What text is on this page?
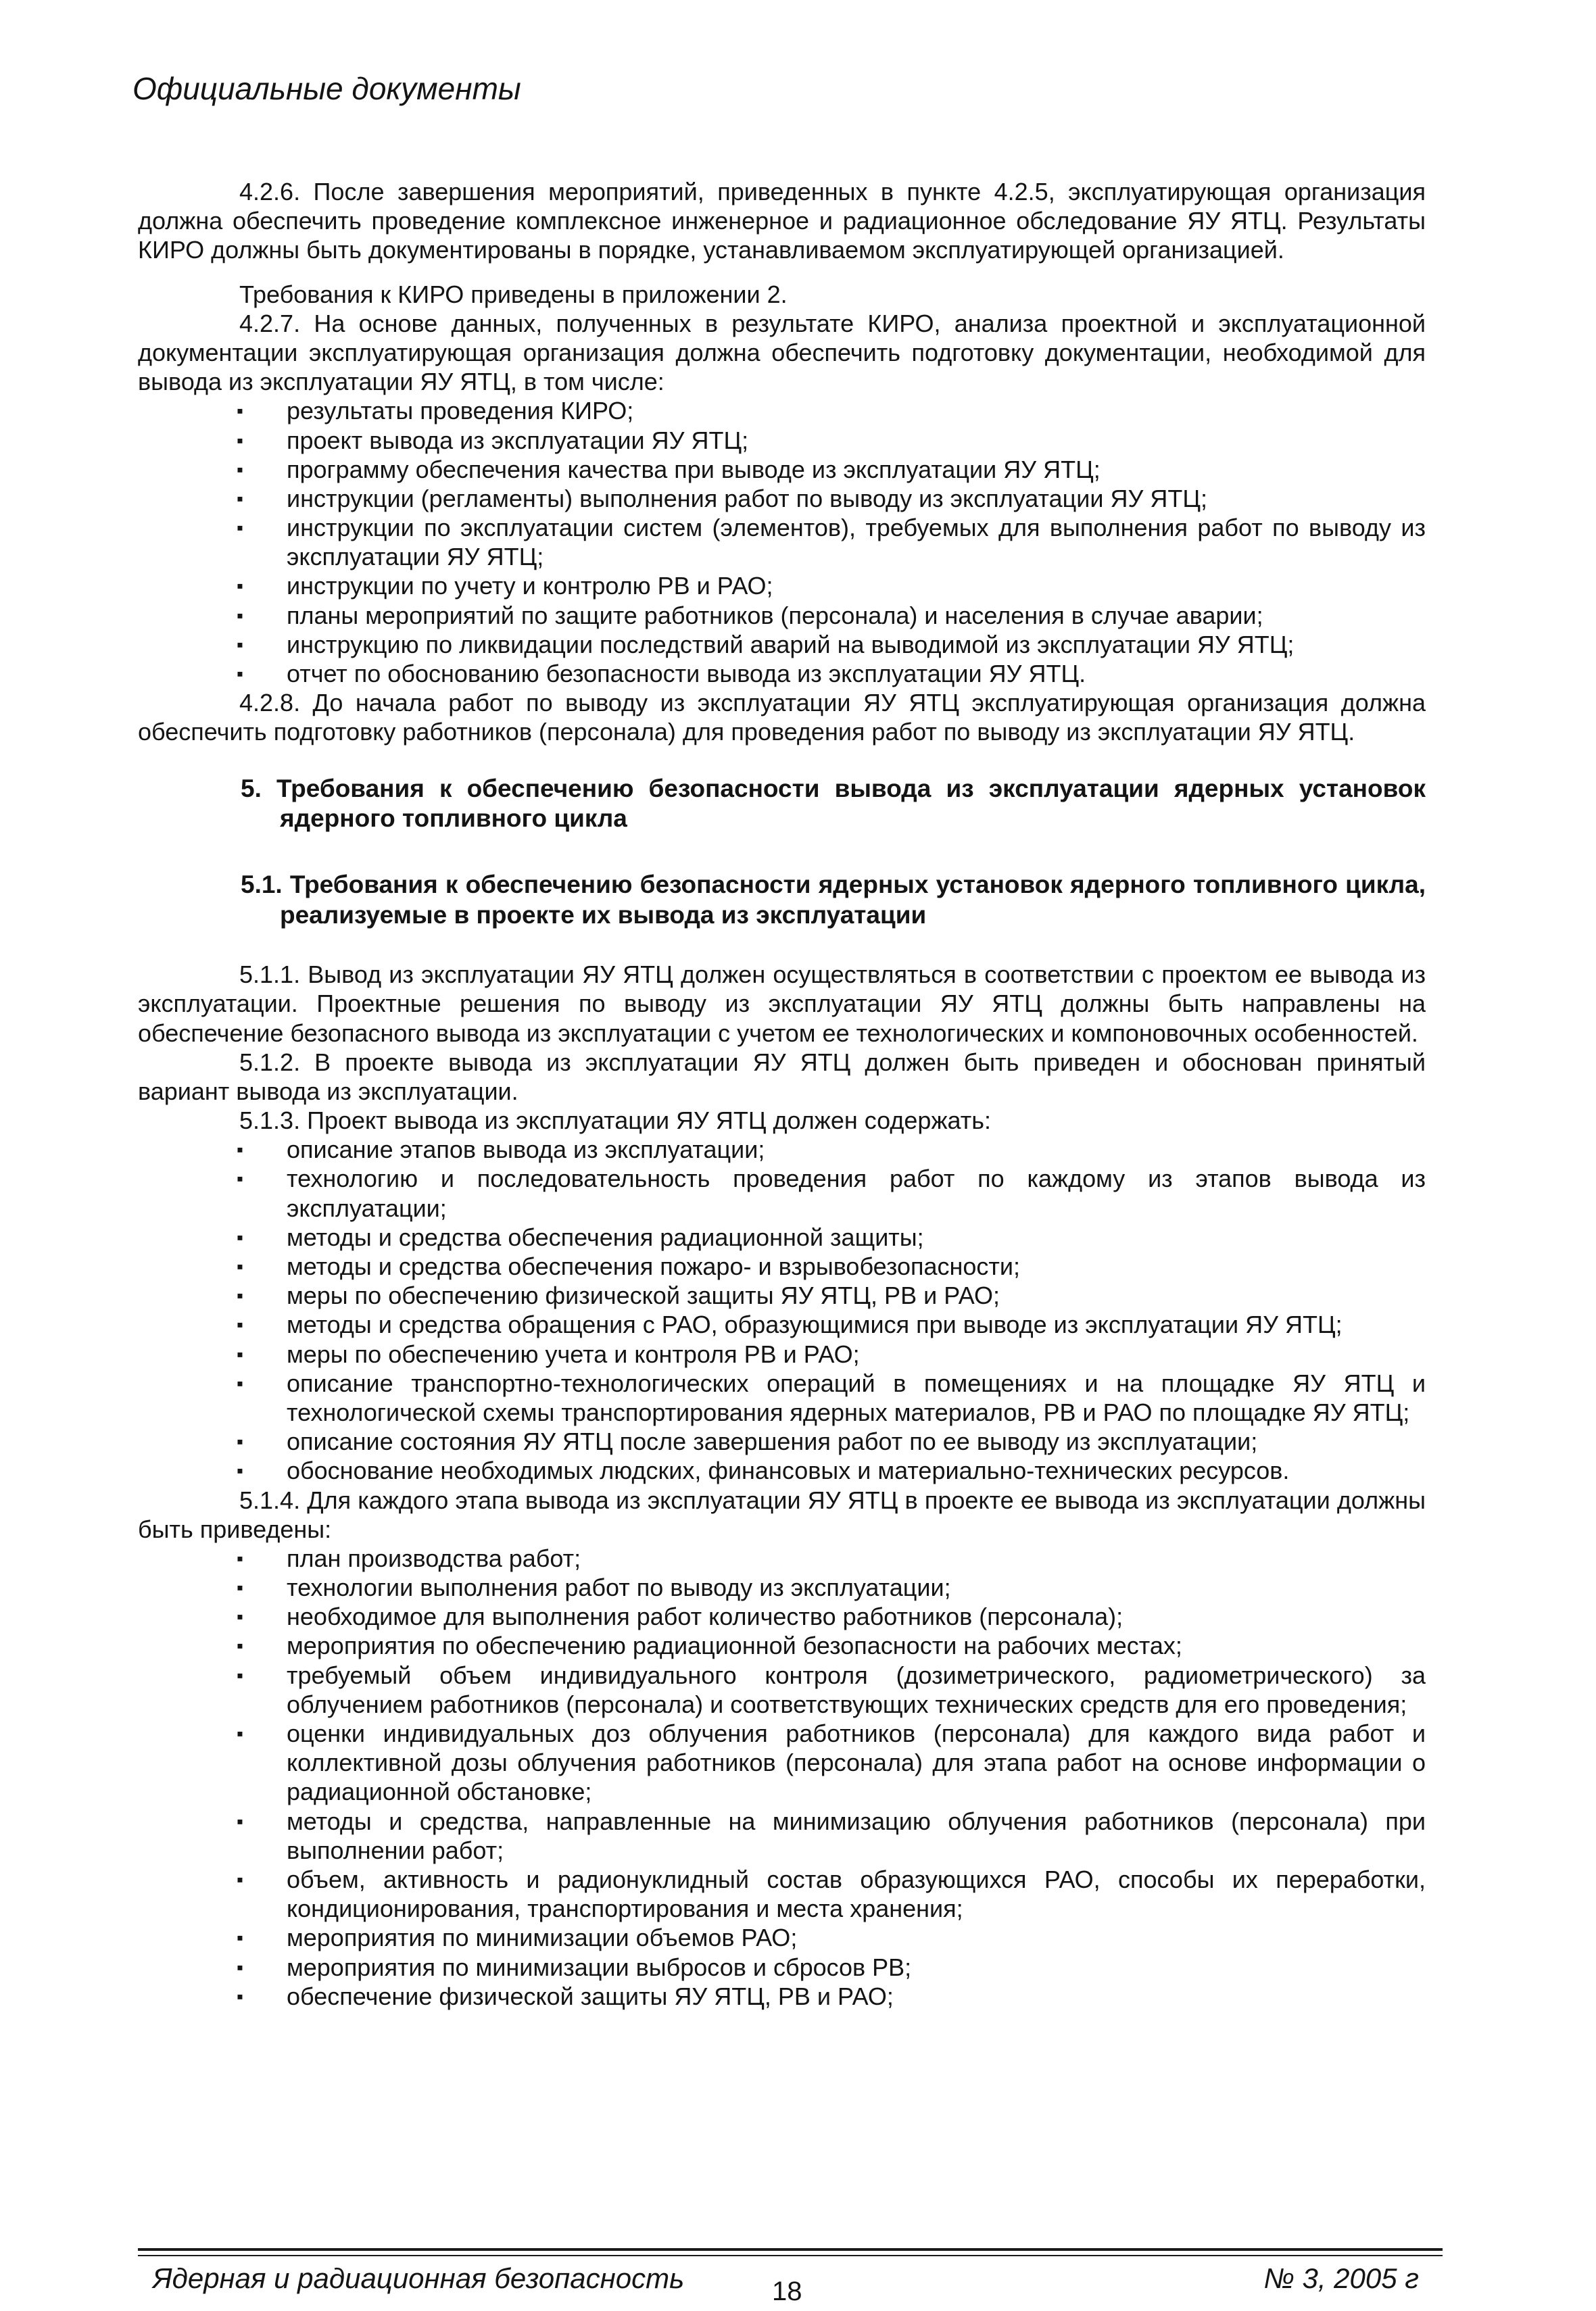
Официальные документы

4.2.6. После завершения мероприятий, приведенных в пункте 4.2.5, эксплуатирующая организация должна обеспечить проведение комплексное инженерное и радиационное обследование ЯУ ЯТЦ. Результаты КИРО должны быть документированы в порядке, устанавливаемом эксплуатирующей организацией.

Требования к КИРО приведены в приложении 2.

4.2.7. На основе данных, полученных в результате КИРО, анализа проектной и эксплуатационной документации эксплуатирующая организация должна обеспечить подготовку документации, необходимой для вывода из эксплуатации ЯУ ЯТЦ, в том числе:

▪ результаты проведения КИРО;
▪ проект вывода из эксплуатации ЯУ ЯТЦ;
▪ программу обеспечения качества при выводе из эксплуатации ЯУ ЯТЦ;
▪ инструкции (регламенты) выполнения работ по выводу из эксплуатации ЯУ ЯТЦ;
▪ инструкции по эксплуатации систем (элементов), требуемых для выполнения работ по выводу из эксплуатации ЯУ ЯТЦ;
▪ инструкции по учету и контролю РВ и РАО;
▪ планы мероприятий по защите работников (персонала) и населения в случае аварии;
▪ инструкцию по ликвидации последствий аварий на выводимой из эксплуатации ЯУ ЯТЦ;
▪ отчет по обоснованию безопасности вывода из эксплуатации ЯУ ЯТЦ.

4.2.8. До начала работ по выводу из эксплуатации ЯУ ЯТЦ эксплуатирующая организация должна обеспечить подготовку работников (персонала) для проведения работ по выводу из эксплуатации ЯУ ЯТЦ.

5. Требования к обеспечению безопасности вывода из эксплуатации ядерных установок ядерного топливного цикла
5.1. Требования к обеспечению безопасности ядерных установок ядерного топливного цикла, реализуемые в проекте их вывода из эксплуатации

5.1.1. Вывод из эксплуатации ЯУ ЯТЦ должен осуществляться в соответствии с проектом ее вывода из эксплуатации. Проектные решения по выводу из эксплуатации ЯУ ЯТЦ должны быть направлены на обеспечение безопасного вывода из эксплуатации с учетом ее технологических и компоновочных особенностей.

5.1.2. В проекте вывода из эксплуатации ЯУ ЯТЦ должен быть приведен и обоснован принятый вариант вывода из эксплуатации.

5.1.3. Проект вывода из эксплуатации ЯУ ЯТЦ должен содержать:

▪ описание этапов вывода из эксплуатации;
▪ технологию и последовательность проведения работ по каждому из этапов вывода из эксплуатации;
▪ методы и средства обеспечения радиационной защиты;
▪ методы и средства обеспечения пожаро- и взрывобезопасности;
▪ меры по обеспечению физической защиты ЯУ ЯТЦ, РВ и РАО;
▪ методы и средства обращения с РАО, образующимися при выводе из эксплуатации ЯУ ЯТЦ;
▪ меры по обеспечению учета и контроля РВ и РАО;
▪ описание транспортно-технологических операций в помещениях и на площадке ЯУ ЯТЦ и технологической схемы транспортирования ядерных материалов, РВ и РАО по площадке ЯУ ЯТЦ;
▪ описание состояния ЯУ ЯТЦ после завершения работ по ее выводу из эксплуатации;
▪ обоснование необходимых людских, финансовых и материально-технических ресурсов.

5.1.4. Для каждого этапа вывода из эксплуатации ЯУ ЯТЦ в проекте ее вывода из эксплуатации должны быть приведены:

▪ план производства работ;
▪ технологии выполнения работ по выводу из эксплуатации;
▪ необходимое для выполнения работ количество работников (персонала);
▪ мероприятия по обеспечению радиационной безопасности на рабочих местах;
▪ требуемый объем индивидуального контроля (дозиметрического, радиометрического) за облучением работников (персонала) и соответствующих технических средств для его проведения;
▪ оценки индивидуальных доз облучения работников (персонала) для каждого вида работ и коллективной дозы облучения работников (персонала) для этапа работ на основе информации о радиационной обстановке;
▪ методы и средства, направленные на минимизацию облучения работников (персонала) при выполнении работ;
▪ объем, активность и радионуклидный состав образующихся РАО, способы их переработки, кондиционирования, транспортирования и места хранения;
▪ мероприятия по минимизации объемов РАО;
▪ мероприятия по минимизации выбросов и сбросов РВ;
▪ обеспечение физической защиты ЯУ ЯТЦ, РВ и РАО;
Ядерная и радиационная безопасность	18	№ 3, 2005 г
